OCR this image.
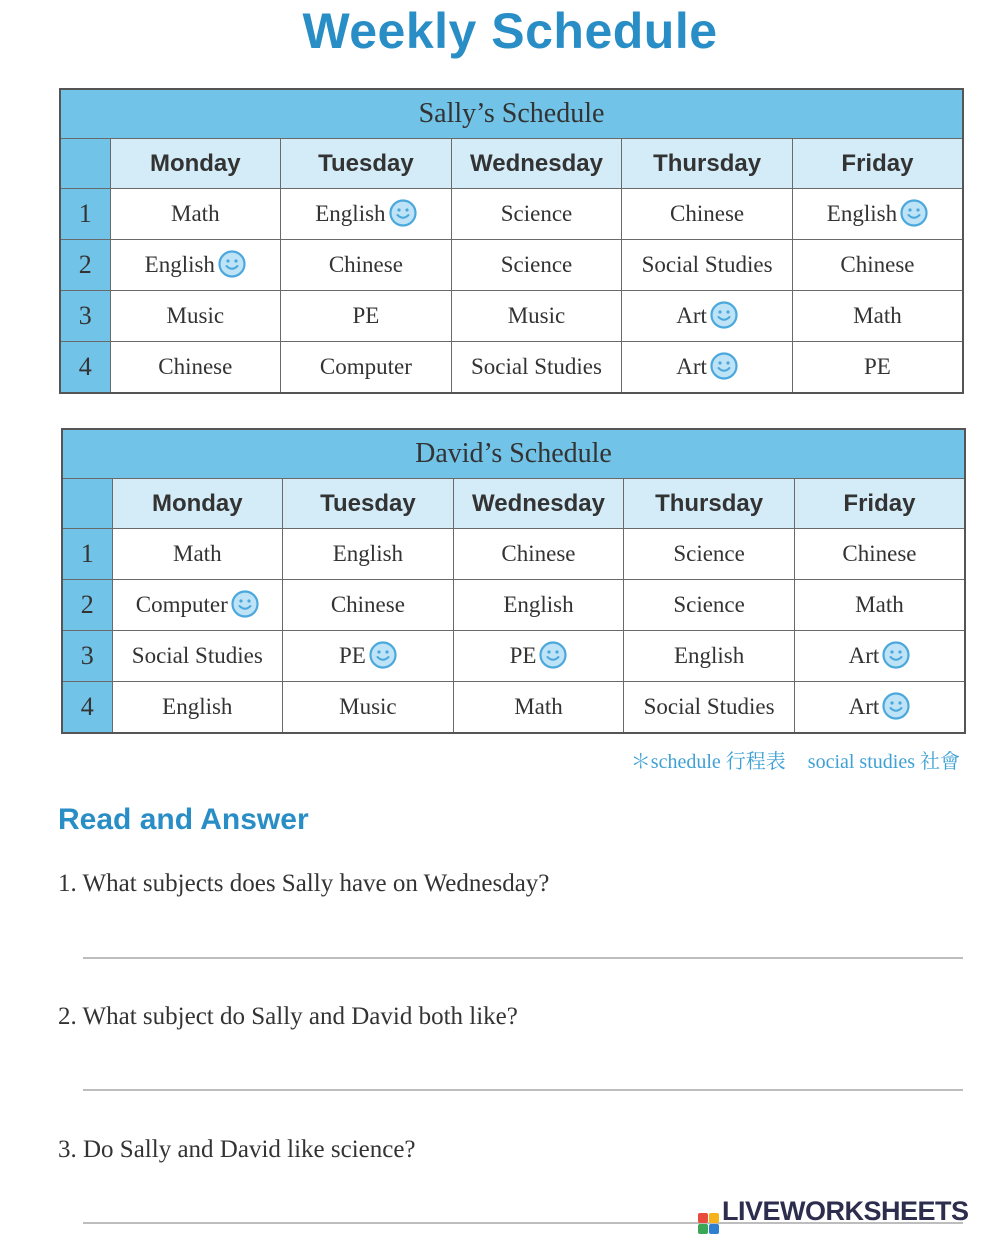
Weekly Schedule
Sally’s Schedule					
	Monday	Tuesday	Wednesday	Thursday	Friday
1	Math	English	Science	Chinese	English
2	English	Chinese	Science	Social Studies	Chinese
3	Music	PE	Music	Art	Math
4	Chinese	Computer	Social Studies	Art	PE
David’s Schedule					
	Monday	Tuesday	Wednesday	Thursday	Friday
1	Math	English	Chinese	Science	Chinese
2	Computer	Chinese	English	Science	Math
3	Social Studies	PE	PE	English	Art
4	English	Music	Math	Social Studies	Art
＊schedule 行程表 social studies 社會
Read and Answer
1. What subjects does Sally have on Wednesday?
2. What subject do Sally and David both like?
3. Do Sally and David like science?
LIVEWORKSHEETS
